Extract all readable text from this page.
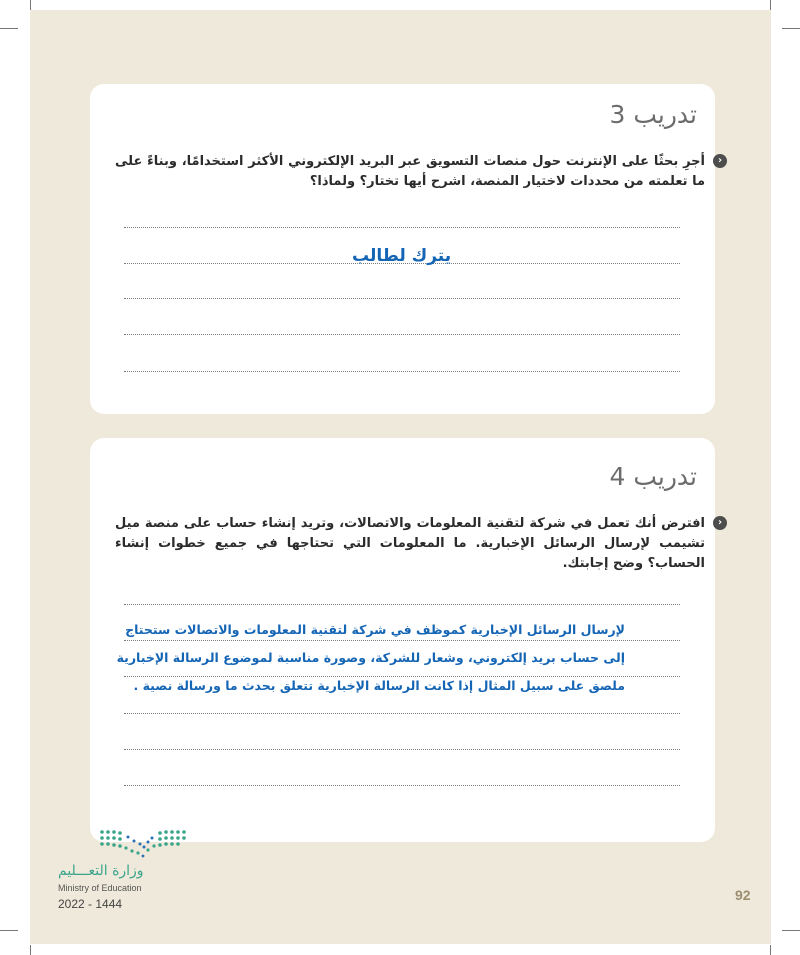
تدريب 3
‹
أجرِ بحثًا على الإنترنت حول منصات التسويق عبر البريد الإلكتروني الأكثر استخدامًا، وبناءً على ما تعلمته من محددات لاختيار المنصة، اشرح أيها تختار؟ ولماذا؟
يترك لطالب
تدريب 4
‹
افترض أنك تعمل في شركة لتقنية المعلومات والاتصالات، وتريد إنشاء حساب على منصة ميل تشيمب لإرسال الرسائل الإخبارية. ما المعلومات التي تحتاجها في جميع خطوات إنشاء الحساب؟ وضح إجابتك.
لإرسال الرسائل الإخبارية كموظف في شركة لتقنية المعلومات والاتصالات ستحتاج
إلى حساب بريد إلكتروني، وشعار للشركة، وصورة مناسبة لموضوع الرسالة الإخبارية
ملصق على سبيل المثال إذا كانت الرسالة الإخبارية تتعلق بحدث ما ورسالة نصية .
وزارة التعـــليم
Ministry of Education
2022 - 1444
92
